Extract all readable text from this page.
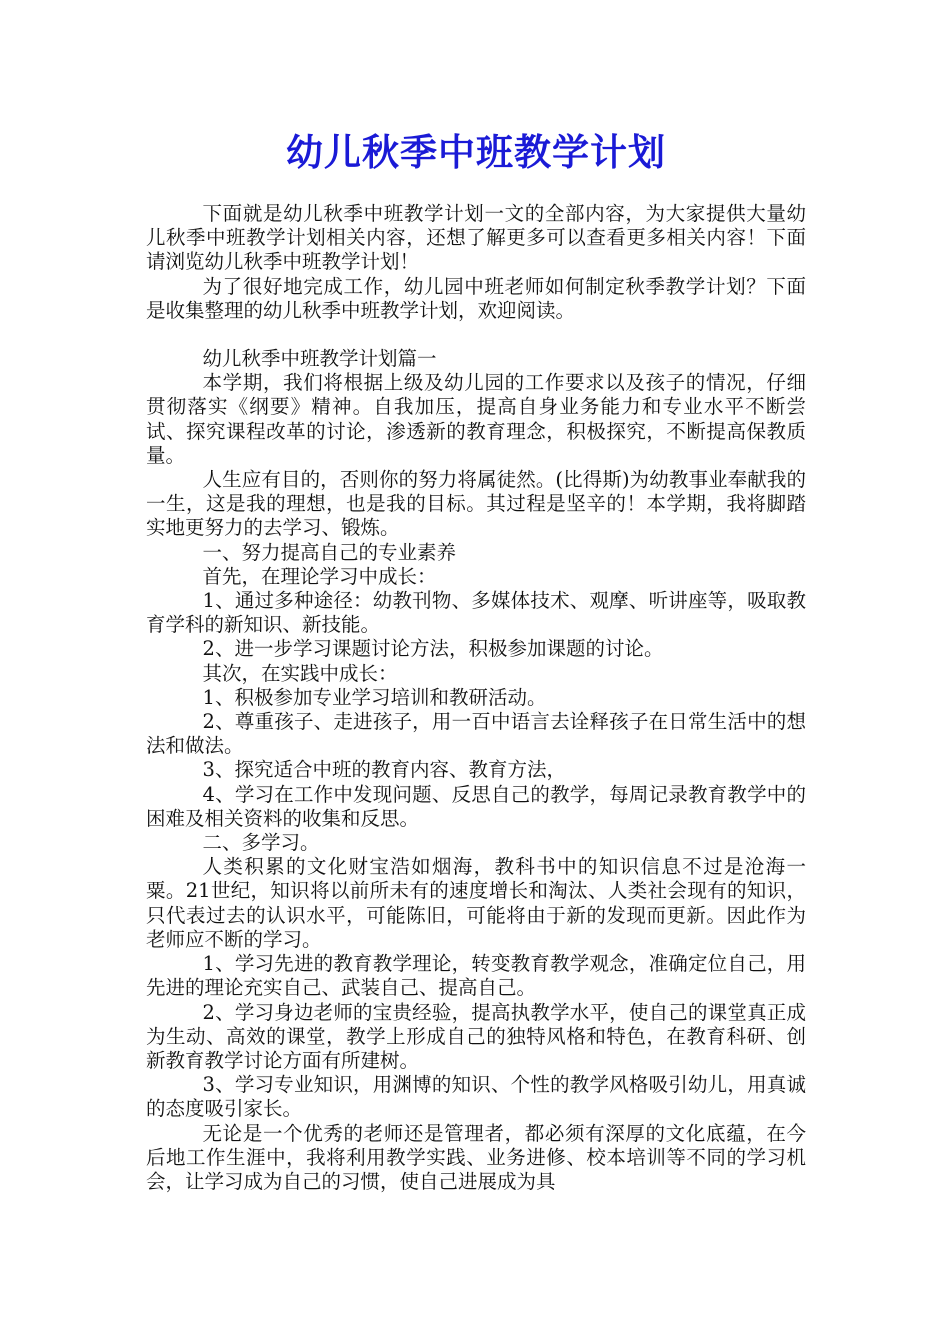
幼儿秋季中班教学计划

下面就是幼儿秋季中班教学计划一文的全部内容，为大家提供大量幼儿秋季中班教学计划相关内容，还想了解更多可以查看更多相关内容！下面请浏览幼儿秋季中班教学计划！

为了很好地完成工作，幼儿园中班老师如何制定秋季教学计划？下面是收集整理的幼儿秋季中班教学计划，欢迎阅读。

幼儿秋季中班教学计划篇一

本学期，我们将根据上级及幼儿园的工作要求以及孩子的情况，仔细贯彻落实《纲要》精神。自我加压，提高自身业务能力和专业水平不断尝试、探究课程改革的讨论，渗透新的教育理念，积极探究，不断提高保教质量。

人生应有目的，否则你的努力将属徒然。(比得斯)为幼教事业奉献我的一生，这是我的理想，也是我的目标。其过程是坚辛的！本学期，我将脚踏实地更努力的去学习、锻炼。

一、努力提高自己的专业素养

首先，在理论学习中成长：

1、通过多种途径：幼教刊物、多媒体技术、观摩、听讲座等，吸取教育学科的新知识、新技能。

2、进一步学习课题讨论方法，积极参加课题的讨论。

其次，在实践中成长：

1、积极参加专业学习培训和教研活动。

2、尊重孩子、走进孩子，用一百中语言去诠释孩子在日常生活中的想法和做法。

3、探究适合中班的教育内容、教育方法，

4、学习在工作中发现问题、反思自己的教学，每周记录教育教学中的困难及相关资料的收集和反思。

二、多学习。

人类积累的文化财宝浩如烟海，教科书中的知识信息不过是沧海一粟。21世纪，知识将以前所未有的速度增长和淘汰、人类社会现有的知识，只代表过去的认识水平，可能陈旧，可能将由于新的发现而更新。因此作为老师应不断的学习。

1、学习先进的教育教学理论，转变教育教学观念，准确定位自己，用先进的理论充实自己、武装自己、提高自己。

2、学习身边老师的宝贵经验，提高执教学水平，使自己的课堂真正成为生动、高效的课堂，教学上形成自己的独特风格和特色，在教育科研、创新教育教学讨论方面有所建树。

3、学习专业知识，用渊博的知识、个性的教学风格吸引幼儿，用真诚的态度吸引家长。

无论是一个优秀的老师还是管理者，都必须有深厚的文化底蕴，在今后地工作生涯中，我将利用教学实践、业务进修、校本培训等不同的学习机会，让学习成为自己的习惯，使自己进展成为具
